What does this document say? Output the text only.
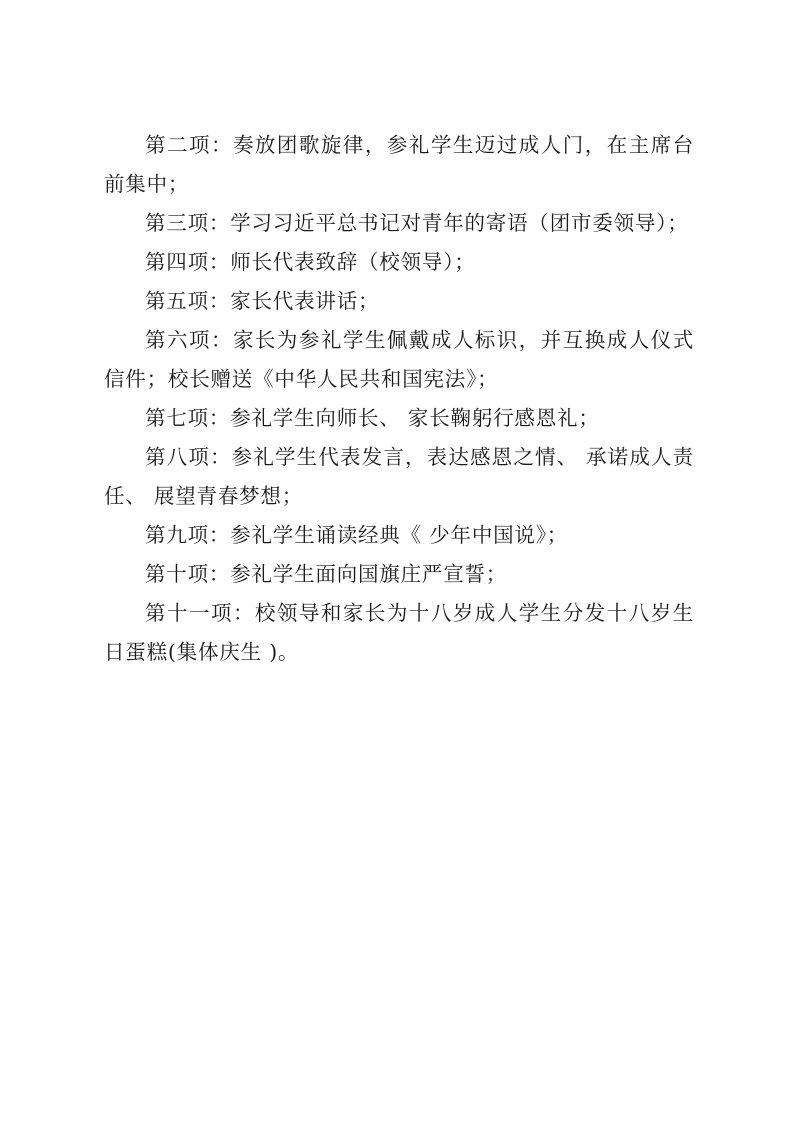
第二项：奏放团歌旋律，参礼学生迈过成人门，在主席台前集中；

第三项：学习习近平总书记对青年的寄语（团市委领导）；

第四项：师长代表致辞（校领导）；

第五项：家长代表讲话；

第六项：家长为参礼学生佩戴成人标识，并互换成人仪式信件；校长赠送《中华人民共和国宪法》；

第七项：参礼学生向师长、 家长鞠躬行感恩礼；

第八项：参礼学生代表发言，表达感恩之情、 承诺成人责任、 展望青春梦想；

第九项：参礼学生诵读经典《 少年中国说》；

第十项：参礼学生面向国旗庄严宣誓；

第十一项：校领导和家长为十八岁成人学生分发十八岁生日蛋糕(集体庆生 )。
